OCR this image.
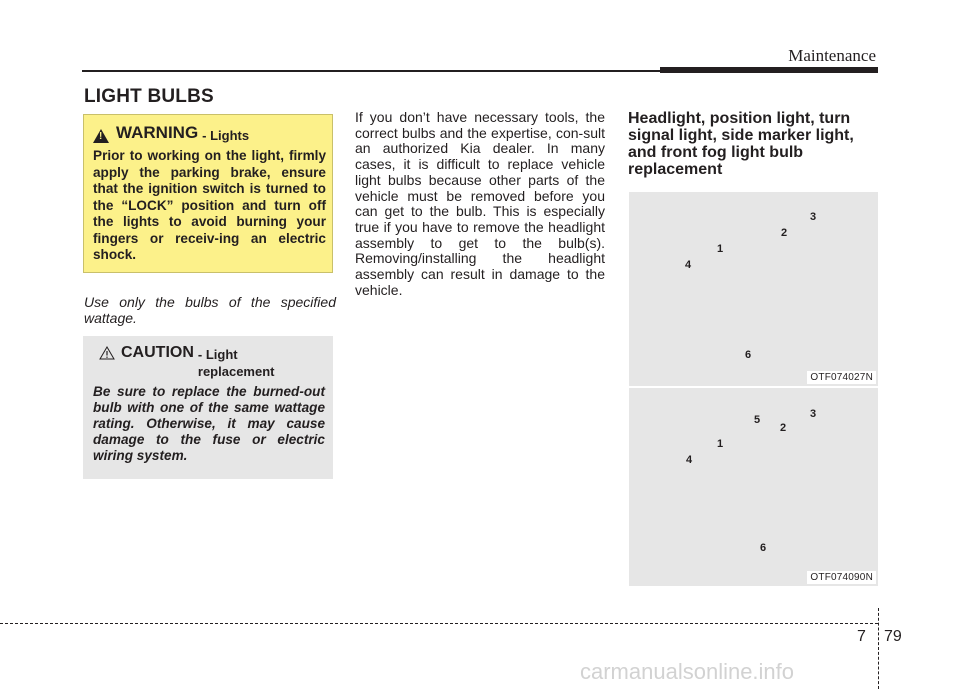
Maintenance
LIGHT BULBS
!
WARNING - Lights
Prior to working on the light, firmly apply the parking brake, ensure that the ignition switch is turned to the “LOCK” position and turn off the lights to avoid burning your fingers or receiv-ing an electric shock.
Use only the bulbs of the specified wattage.
CAUTION - Light replacement
Be sure to replace the burned-out bulb with one of the same wattage rating. Otherwise, it may cause damage to the fuse or electric wiring system.
If you don’t have necessary tools, the correct bulbs and the expertise, con-sult an authorized Kia dealer. In many cases, it is difficult to replace vehicle light bulbs because other parts of the vehicle must be removed before you can get to the bulb. This is especially true if you have to remove the headlight assembly to get to the bulb(s). Removing/installing the headlight assembly can result in damage to the vehicle.
Headlight, position light, turn signal light, side marker light, and front fog light bulb replacement
3
2
1
4
6
OTF074027N
3
5
2
1
4
6
OTF074090N
7 79
carmanualsonline.info
